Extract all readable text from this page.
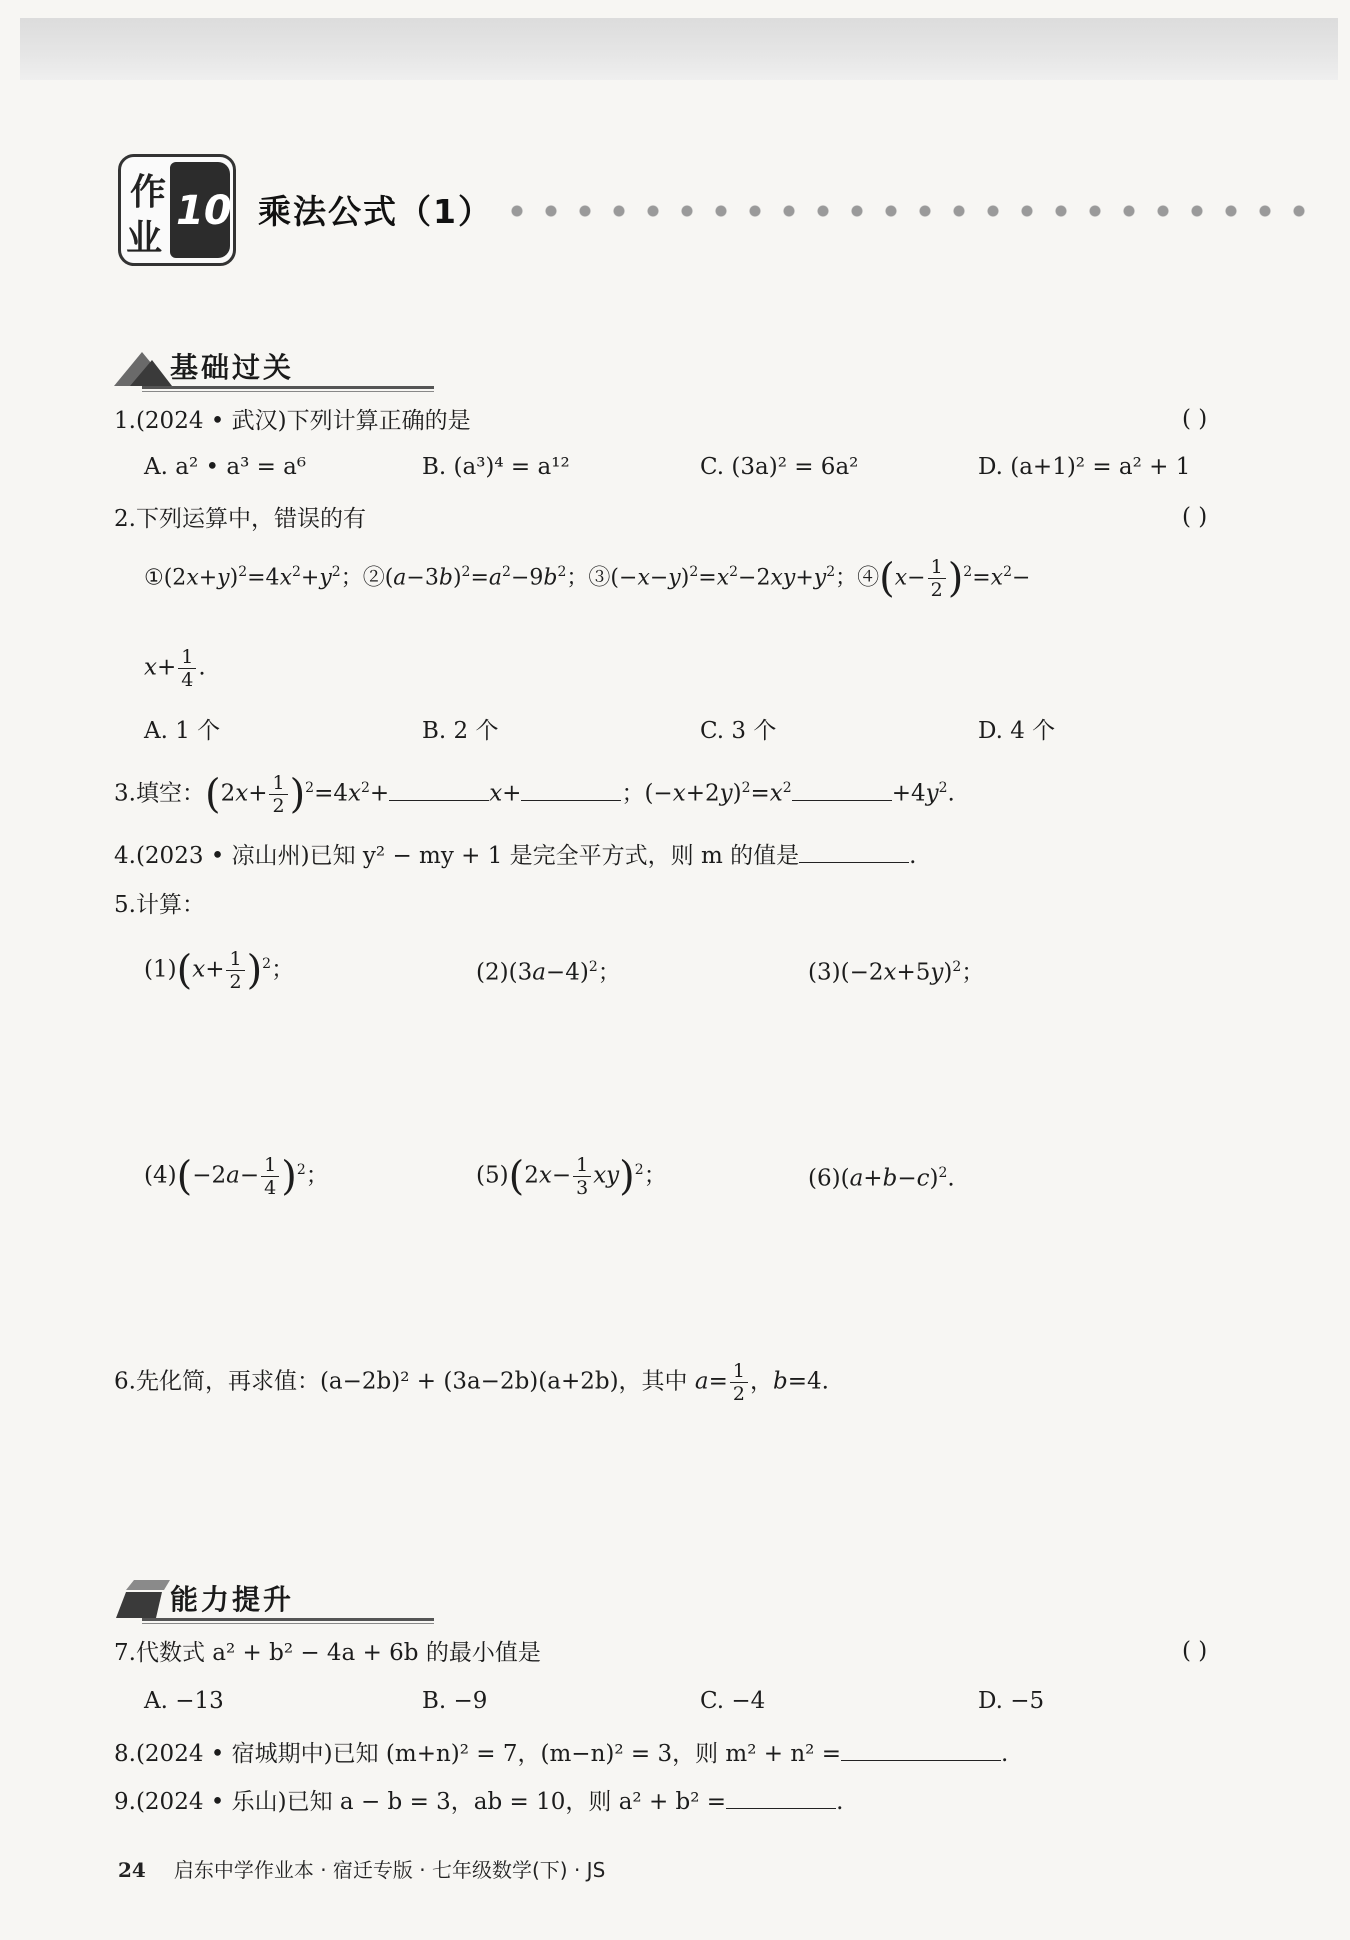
作
业
10 乘法公式（1）
基础过关
1.(2024 • 武汉)下列计算正确的是	( )
A. a² • a³ = a⁶	B. (a³)⁴ = a¹²	C. (3a)² = 6a²	D. (a+1)² = a² + 1
2.下列运算中，错误的有	( )
$①(2x+y)^2=4x^2+y^2$；$②(a-3b)^2=a^2-9b^2$；$③(-x-y)^2=x^2-2xy+y^2$；④(x− $\frac{1}{2} )^2=x^2-$
$x+ \frac{1}{4}$ .
A. 1 个	B. 2 个	C. 3 个	D. 4 个
3.填空：$(2x+ \frac{1}{2} )^2=4x^2+$	x+	；$(-x+2y)^2=x^2$	$+4y^2$.
4.(2023 • 凉山州)已知 y² − my + 1 是完全平方式，则 m 的值是	.
5.计算：
$(1)(x+ \frac{1}{2} )^2$；	$(2)(3a-4)^2$；	$(3)(-2x+5y)^2$；
$(4)(-2a- \frac{1}{4} )^2$；	$(5)(2x- \frac{1}{3} xy)^2$；	$(6)(a+b-c)^2$.
6.先化简，再求值：(a−2b)² + (3a−2b)(a+2b)，其中 $a= \frac{1}{2}$ ，b=4.
能力提升
7.代数式 a² + b² − 4a + 6b 的最小值是	( )
A. −13	B. −9	C. −4	D. −5
8.(2024 • 宿城期中)已知 (m+n)² = 7，(m−n)² = 3，则 m² + n² =	.
9.(2024 • 乐山)已知 a − b = 3，ab = 10，则 a² + b² =	.
24 启东中学作业本 · 宿迁专版 · 七年级数学(下) · JS
